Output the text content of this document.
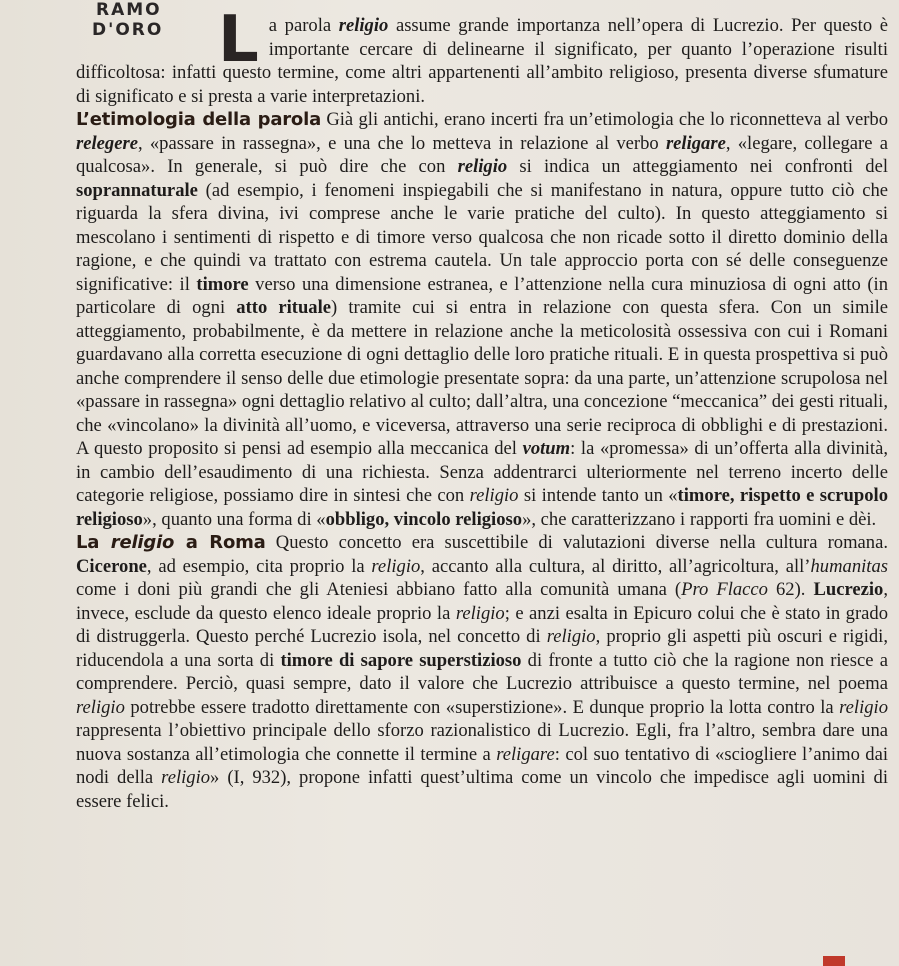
RAMO
D'ORO La parola religio assume grande importanza nell’opera di Lucrezio. Per questo è importante cercare di delinearne il significato, per quanto l’operazione risulti difficoltosa: infatti questo termine, come altri appartenenti all’ambito religioso, presenta diverse sfumature di significato e si presta a varie interpretazioni.

L’etimologia della parola Già gli antichi, erano incerti fra un’etimologia che lo riconnetteva al verbo relegere, «passare in rassegna», e una che lo metteva in relazione al verbo religare, «legare, collegare a qualcosa». In generale, si può dire che con religio si indica un atteggiamento nei confronti del soprannaturale (ad esempio, i fenomeni inspiegabili che si manifestano in natura, oppure tutto ciò che riguarda la sfera divina, ivi comprese anche le varie pratiche del culto). In questo atteggiamento si mescolano i sentimenti di rispetto e di timore verso qualcosa che non ricade sotto il diretto dominio della ragione, e che quindi va trattato con estrema cautela. Un tale approccio porta con sé delle conseguenze significative: il timore verso una dimensione estranea, e l’attenzione nella cura minuziosa di ogni atto (in particolare di ogni atto rituale) tramite cui si entra in relazione con questa sfera. Con un simile atteggiamento, probabilmente, è da mettere in relazione anche la meticolosità ossessiva con cui i Romani guardavano alla corretta esecuzione di ogni dettaglio delle loro pratiche rituali. E in questa prospettiva si può anche comprendere il senso delle due etimologie presentate sopra: da una parte, un’attenzione scrupolosa nel «passare in rassegna» ogni dettaglio relativo al culto; dall’altra, una concezione “meccanica” dei gesti rituali, che «vincolano» la divinità all’uomo, e viceversa, attraverso una serie reciproca di obblighi e di prestazioni. A questo proposito si pensi ad esempio alla meccanica del votum: la «promessa» di un’offerta alla divinità, in cambio dell’esaudimento di una richiesta. Senza addentrarci ulteriormente nel terreno incerto delle categorie religiose, possiamo dire in sintesi che con religio si intende tanto un «timore, rispetto e scrupolo religioso», quanto una forma di «obbligo, vincolo religioso», che caratterizzano i rapporti fra uomini e dèi.

La religio a Roma Questo concetto era suscettibile di valutazioni diverse nella cultura romana. Cicerone, ad esempio, cita proprio la religio, accanto alla cultura, al diritto, all’agricoltura, all’humanitas come i doni più grandi che gli Ateniesi abbiano fatto alla comunità umana (Pro Flacco 62). Lucrezio, invece, esclude da questo elenco ideale proprio la religio; e anzi esalta in Epicuro colui che è stato in grado di distruggerla. Questo perché Lucrezio isola, nel concetto di religio, proprio gli aspetti più oscuri e rigidi, riducendola a una sorta di timore di sapore superstizioso di fronte a tutto ciò che la ragione non riesce a comprendere. Perciò, quasi sempre, dato il valore che Lucrezio attribuisce a questo termine, nel poema religio potrebbe essere tradotto direttamente con «superstizione». E dunque proprio la lotta contro la religio rappresenta l’obiettivo principale dello sforzo razionalistico di Lucrezio. Egli, fra l’altro, sembra dare una nuova sostanza all’etimologia che connette il termine a religare: col suo tentativo di «sciogliere l’animo dai nodi della religio» (I, 932), propone infatti quest’ultima come un vincolo che impedisce agli uomini di essere felici.
